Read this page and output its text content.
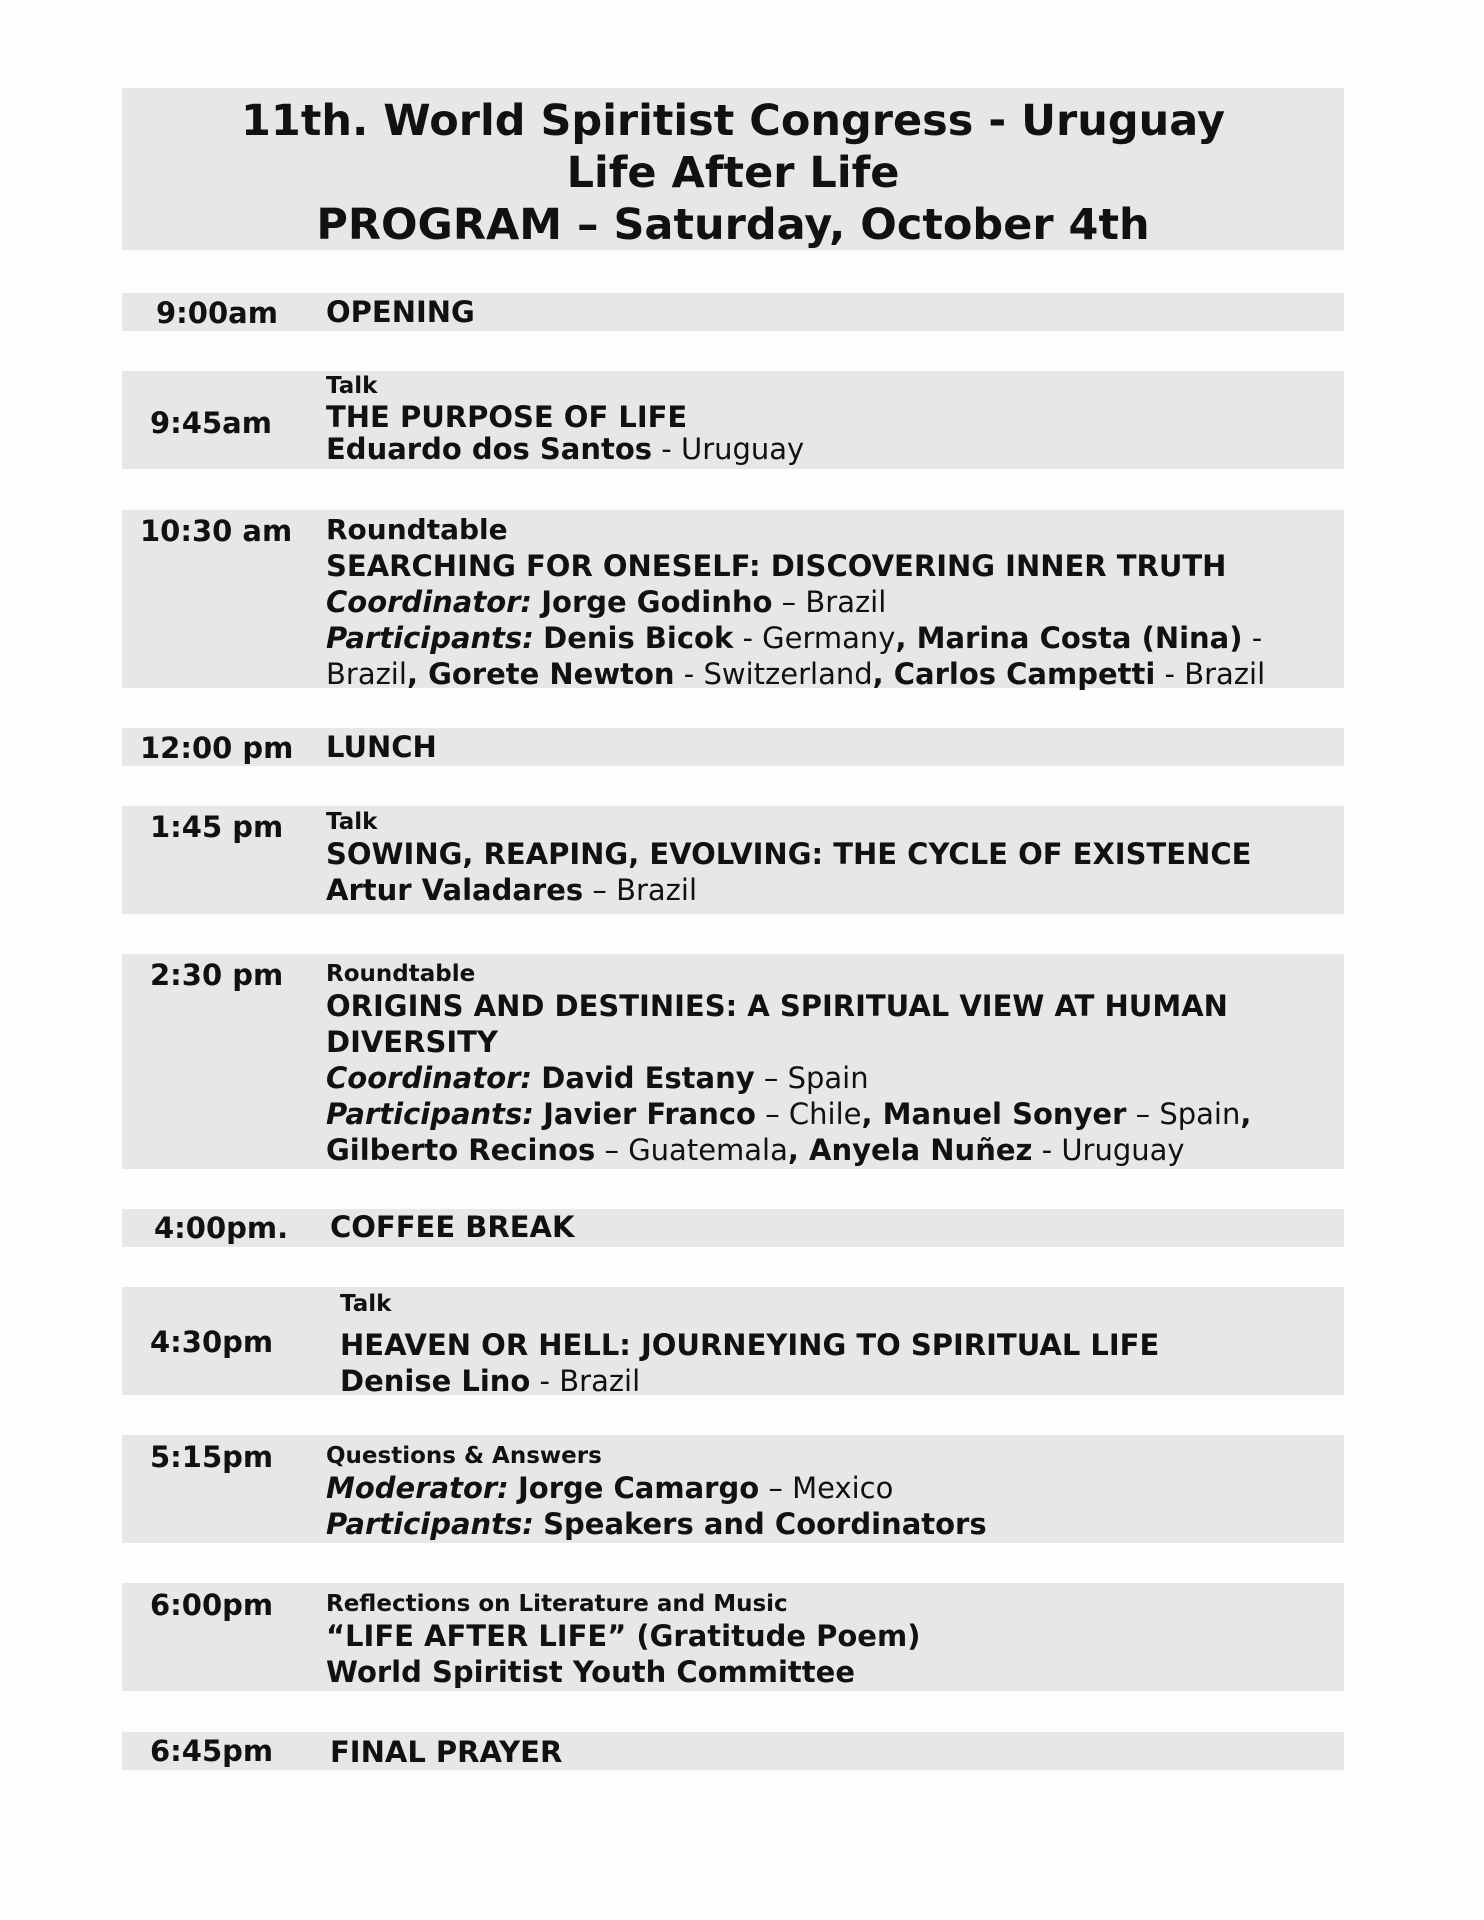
11th. World Spiritist Congress - Uruguay
Life After Life
PROGRAM – Saturday, October 4th
9:00am OPENING
9:45am
Talk
THE PURPOSE OF LIFE
Eduardo dos Santos - Uruguay
10:30 am Roundtable
SEARCHING FOR ONESELF: DISCOVERING INNER TRUTH
Coordinator: Jorge Godinho – Brazil
Participants: Denis Bicok - Germany, Marina Costa (Nina) -
Brazil, Gorete Newton - Switzerland, Carlos Campetti - Brazil
12:00 pm LUNCH
1:45 pm Talk
SOWING, REAPING, EVOLVING: THE CYCLE OF EXISTENCE
Artur Valadares – Brazil
2:30 pm Roundtable
ORIGINS AND DESTINIES: A SPIRITUAL VIEW AT HUMAN
DIVERSITY
Coordinator: David Estany – Spain
Participants: Javier Franco – Chile, Manuel Sonyer – Spain,
Gilberto Recinos – Guatemala, Anyela Nuñez - Uruguay
4:00pm. COFFEE BREAK
4:30pm
Talk
HEAVEN OR HELL: JOURNEYING TO SPIRITUAL LIFE
Denise Lino - Brazil
5:15pm Questions & Answers
Moderator: Jorge Camargo – Mexico
Participants: Speakers and Coordinators
6:00pm Reflections on Literature and Music
“LIFE AFTER LIFE” (Gratitude Poem)
World Spiritist Youth Committee
6:45pm FINAL PRAYER
